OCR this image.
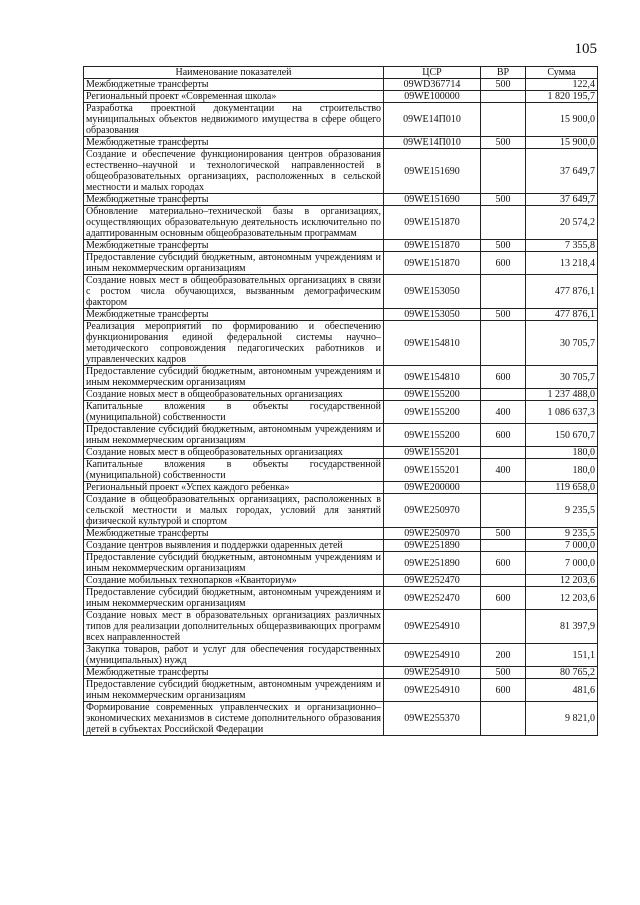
105
Наименование показателей	ЦСР	ВР	Сумма
Межбюджетные трансферты	09WD367714	500	122,4
Региональный проект «Современная школа»	09WE100000		1 820 195,7
Разработка проектной документации на строительство муниципальных объектов недвижимого имущества в сфере общего образования	09WE14П010		15 900,0
Межбюджетные трансферты	09WE14П010	500	15 900,0
Создание и обеспечение функционирования центров образования естественно–научной и технологической направленностей в общеобразовательных организациях, расположенных в сельской местности и малых городах	09WE151690		37 649,7
Межбюджетные трансферты	09WE151690	500	37 649,7
Обновление материально–технической базы в организациях, осуществляющих образовательную деятельность исключительно по адаптированным основным общеобразовательным программам	09WE151870		20 574,2
Межбюджетные трансферты	09WE151870	500	7 355,8
Предоставление субсидий бюджетным, автономным учреждениям и иным некоммерческим организациям	09WE151870	600	13 218,4
Создание новых мест в общеобразовательных организациях в связи с ростом числа обучающихся, вызванным демографическим фактором	09WE153050		477 876,1
Межбюджетные трансферты	09WE153050	500	477 876,1
Реализация мероприятий по формированию и обеспечению функционирования единой федеральной системы научно–методического сопровождения педагогических работников и управленческих кадров	09WE154810		30 705,7
Предоставление субсидий бюджетным, автономным учреждениям и иным некоммерческим организациям	09WE154810	600	30 705,7
Создание новых мест в общеобразовательных организациях	09WE155200		1 237 488,0
Капитальные вложения в объекты государственной (муниципальной) собственности	09WE155200	400	1 086 637,3
Предоставление субсидий бюджетным, автономным учреждениям и иным некоммерческим организациям	09WE155200	600	150 670,7
Создание новых мест в общеобразовательных организациях	09WE155201		180,0
Капитальные вложения в объекты государственной (муниципальной) собственности	09WE155201	400	180,0
Региональный проект «Успех каждого ребенка»	09WE200000		119 658,0
Создание в общеобразовательных организациях, расположенных в сельской местности и малых городах, условий для занятий физической культурой и спортом	09WE250970		9 235,5
Межбюджетные трансферты	09WE250970	500	9 235,5
Создание центров выявления и поддержки одаренных детей	09WE251890		7 000,0
Предоставление субсидий бюджетным, автономным учреждениям и иным некоммерческим организациям	09WE251890	600	7 000,0
Создание мобильных технопарков «Кванториум»	09WE252470		12 203,6
Предоставление субсидий бюджетным, автономным учреждениям и иным некоммерческим организациям	09WE252470	600	12 203,6
Создание новых мест в образовательных организациях различных типов для реализации дополнительных общеразвивающих программ всех направленностей	09WE254910		81 397,9
Закупка товаров, работ и услуг для обеспечения государственных (муниципальных) нужд	09WE254910	200	151,1
Межбюджетные трансферты	09WE254910	500	80 765,2
Предоставление субсидий бюджетным, автономным учреждениям и иным некоммерческим организациям	09WE254910	600	481,6
Формирование современных управленческих и организационно–экономических механизмов в системе дополнительного образования детей в субъектах Российской Федерации	09WE255370		9 821,0
